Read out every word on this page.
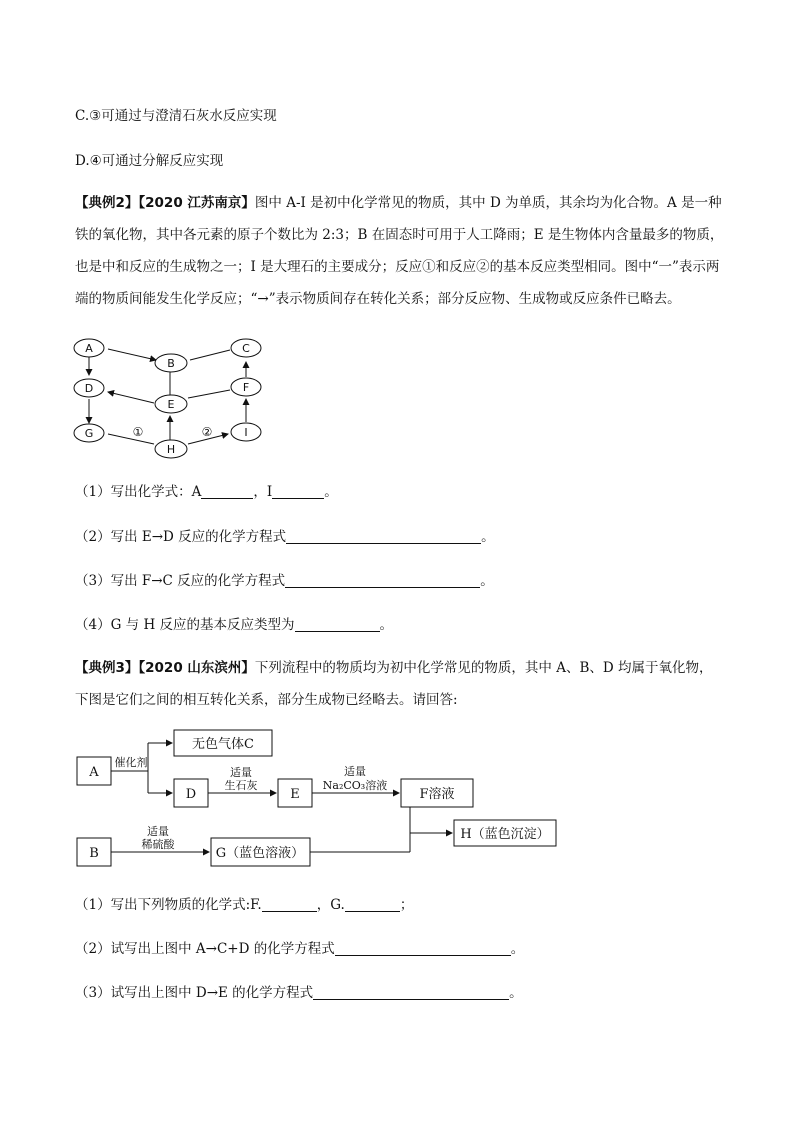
C.③可通过与澄清石灰水反应实现
D.④可通过分解反应实现
【典例2】【2020 江苏南京】图中 A-I 是初中化学常见的物质，其中 D 为单质，其余均为化合物。A 是一种铁的氧化物，其中各元素的原子个数比为 2:3；B 在固态时可用于人工降雨；E 是生物体内含量最多的物质，也是中和反应的生成物之一；I 是大理石的主要成分；反应①和反应②的基本反应类型相同。图中“一”表示两端的物质间能发生化学反应；“→”表示物质间存在转化关系；部分反应物、生成物或反应条件已略去。
A
B
C
D
E
F
G
H
I
①	②
（1）写出化学式：A	，I	。
（2）写出 E→D 反应的化学方程式	。
（3）写出 F→C 反应的化学方程式	。
（4）G 与 H 反应的基本反应类型为	。
【典例3】【2020 山东滨州】下列流程中的物质均为初中化学常见的物质，其中 A、B、D 均属于氧化物，下图是它们之间的相互转化关系，部分生成物已经略去。请回答:
A
无色气体C
D	E	F溶液
H（蓝色沉淀）
B	G（蓝色溶液）
催化剂
适量
生石灰
适量
Na₂CO₃溶液
适量
稀硫酸
（1）写出下列物质的化学式:F.	，G.	；
（2）试写出上图中 A→C+D 的化学方程式	。
（3）试写出上图中 D→E 的化学方程式	。
